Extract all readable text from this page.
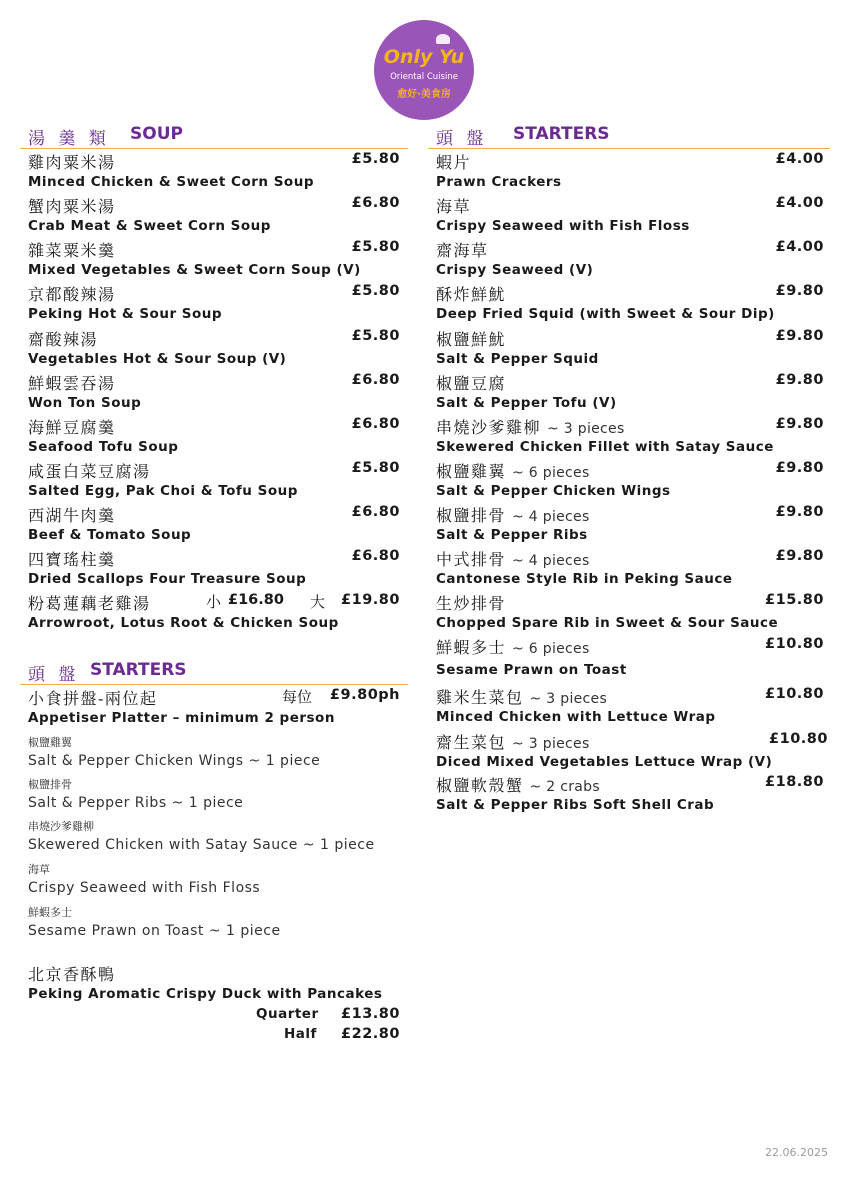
Only Yu
Oriental Cuisine
愈好·美食房
湯 羹 類 SOUP
雞肉粟米湯	£5.80
Minced Chicken & Sweet Corn Soup
蟹肉粟米湯	£6.80
Crab Meat & Sweet Corn Soup
雜菜粟米羹	£5.80
Mixed Vegetables & Sweet Corn Soup (V)
京都酸辣湯	£5.80
Peking Hot & Sour Soup
齋酸辣湯	£5.80
Vegetables Hot & Sour Soup (V)
鮮蝦雲吞湯	£6.80
Won Ton Soup
海鮮豆腐羹	£6.80
Seafood Tofu Soup
咸蛋白菜豆腐湯	£5.80
Salted Egg, Pak Choi & Tofu Soup
西湖牛肉羹	£6.80
Beef & Tomato Soup
四寶瑤柱羹	£6.80
Dried Scallops Four Treasure Soup
粉葛蓮藕老雞湯	小 £16.80 大 £19.80
Arrowroot, Lotus Root & Chicken Soup
頭 盤 STARTERS
小食拼盤-兩位起	每位 £9.80ph
Appetiser Platter – minimum 2 person
椒鹽雞翼
Salt & Pepper Chicken Wings ~ 1 piece
椒鹽排骨
Salt & Pepper Ribs ~ 1 piece
串燒沙爹雞柳
Skewered Chicken with Satay Sauce ~ 1 piece
海草
Crispy Seaweed with Fish Floss
鮮蝦多士
Sesame Prawn on Toast ~ 1 piece
北京香酥鴨
Peking Aromatic Crispy Duck with Pancakes
Quarter £13.80
Half £22.80
頭 盤 STARTERS
蝦片	£4.00
Prawn Crackers
海草	£4.00
Crispy Seaweed with Fish Floss
齋海草	£4.00
Crispy Seaweed (V)
酥炸鮮魷	£9.80
Deep Fried Squid (with Sweet & Sour Dip)
椒鹽鮮魷	£9.80
Salt & Pepper Squid
椒鹽豆腐	£9.80
Salt & Pepper Tofu (V)
串燒沙爹雞柳 ~ 3 pieces	£9.80
Skewered Chicken Fillet with Satay Sauce
椒鹽雞翼 ~ 6 pieces	£9.80
Salt & Pepper Chicken Wings
椒鹽排骨 ~ 4 pieces	£9.80
Salt & Pepper Ribs
中式排骨 ~ 4 pieces	£9.80
Cantonese Style Rib in Peking Sauce
生炒排骨	£15.80
Chopped Spare Rib in Sweet & Sour Sauce
鮮蝦多士 ~ 6 pieces	£10.80
Sesame Prawn on Toast
雞米生菜包 ~ 3 pieces	£10.80
Minced Chicken with Lettuce Wrap
齋生菜包 ~ 3 pieces	£10.80
Diced Mixed Vegetables Lettuce Wrap (V)
椒鹽軟殼蟹 ~ 2 crabs	£18.80
Salt & Pepper Ribs Soft Shell Crab
22.06.2025
